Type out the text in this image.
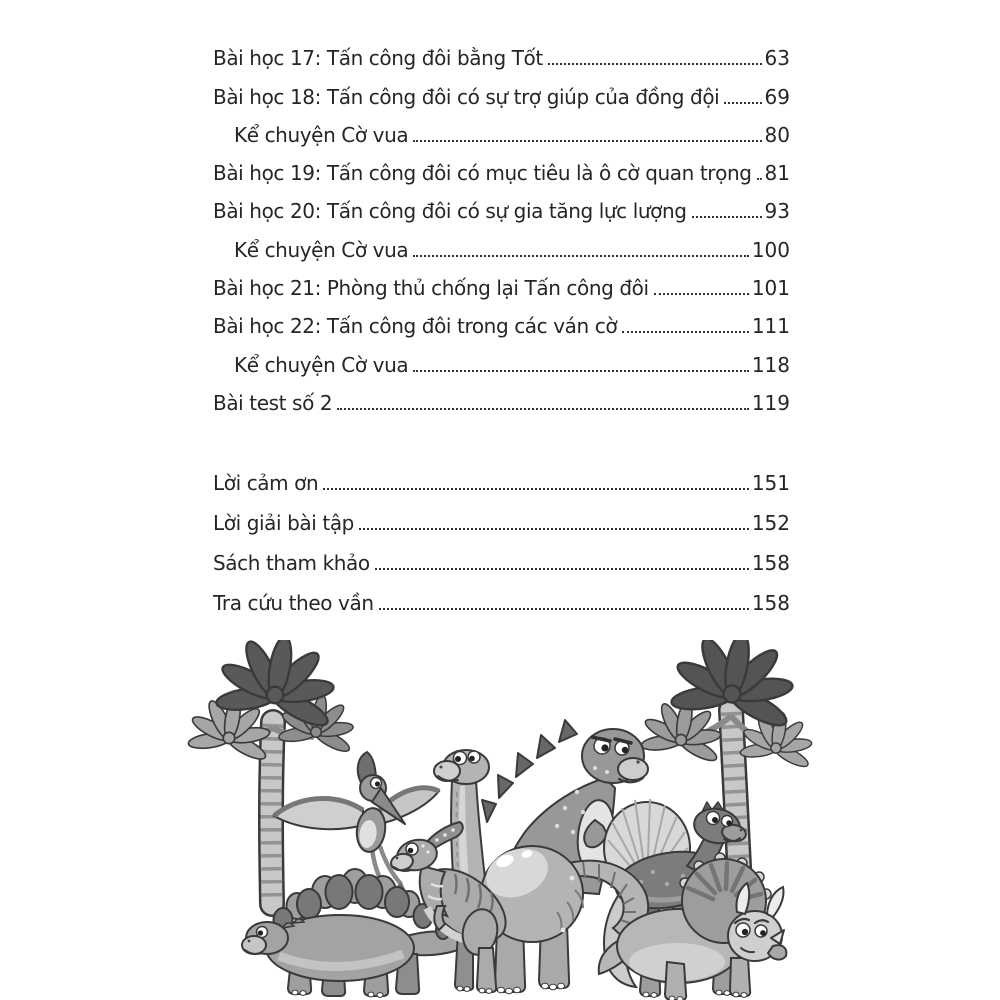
Bài học 17: Tấn công đôi bằng Tốt	63
Bài học 18: Tấn công đôi có sự trợ giúp của đồng đội 69
Kể chuyện Cờ vua	80
Bài học 19: Tấn công đôi có mục tiêu là ô cờ quan trọng 81
Bài học 20: Tấn công đôi có sự gia tăng lực lượng	93
Kể chuyện Cờ vua	100
Bài học 21: Phòng thủ chống lại Tấn công đôi	101
Bài học 22: Tấn công đôi trong các ván cờ	111
Kể chuyện Cờ vua	118
Bài test số 2	119
Lời cảm ơn	151
Lời giải bài tập	152
Sách tham khảo	158
Tra cứu theo vần	158
